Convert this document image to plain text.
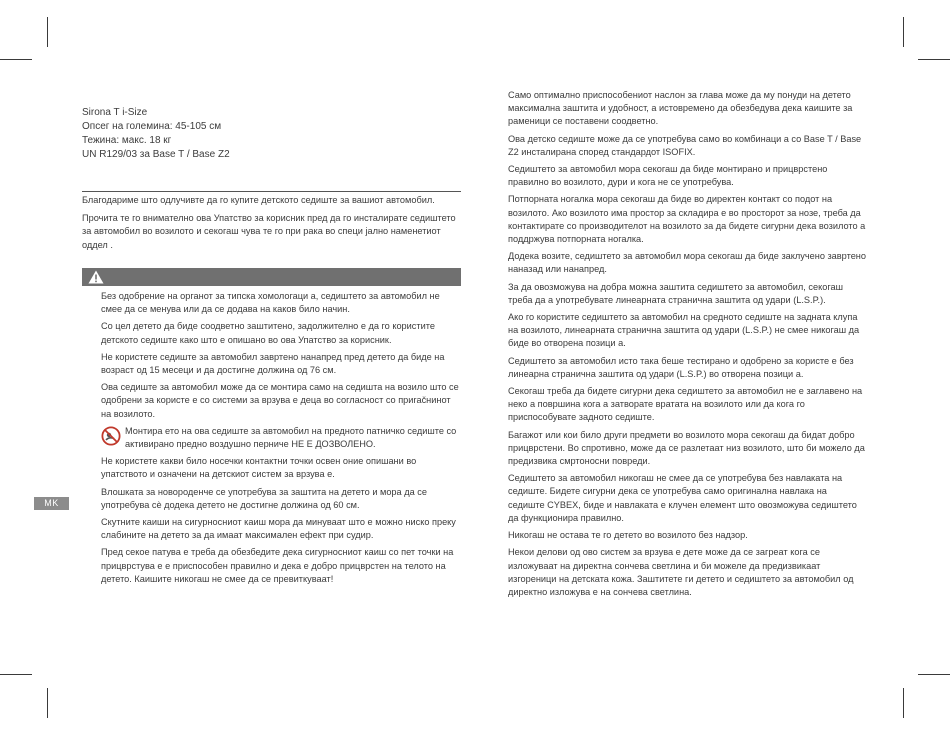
Sirona T i-Size
Опсег на големина: 45-105 см
Тежина: макс. 18 кг
UN R129/03 за Base T / Base Z2

Благодариме што одлучивте да го купите детското седиште за вашиот автомобил.

Прочита те го внимателно ова Упатство за корисник пред да го инсталирате седиштето за автомобил во возилото и секогаш чува те го при рака во специ јално наменетиот оддел .

Без одобрение на органот за типска хомологаци а, седиштето за автомобил не смее да се менува или да се додава на каков било начин.

Со цел детето да биде соодветно заштитено, задолжително е да го користите детското седиште како што е опишано во ова Упатство за корисник.

Не користете седиште за автомобил завртено нанапред пред детето да биде на возраст од 15 месеци и да достигне должина од 76 см.

Ова седиште за автомобил може да се монтира само на седишта на возило што се одобрени за користе е со системи за врзува е деца во согласност со приračнинот на возилото.

Монтира ето на ова седиште за автомобил на предното патничко седиште со активирано предно воздушно перниче НЕ Е ДОЗВОЛЕНО.

Не користете какви било носечки контактни точки освен оние опишани во упатството и означени на детскиот систем за врзува е.

Влошката за новороденче се употребува за заштита на детето и мора да се употребува сè додека детето не достигне должина од 60 см.

Скутните каиши на сигурносниот каиш мора да минуваат што е можно ниско преку слабините на детето за да имаат максимален ефект при судир.

Пред секое патува е треба да обезбедите дека сигурносниот каиш со пет точки на прицврстува е е приспособен правилно и дека е добро прицврстен на телото на детето. Каишите никогаш не смее да се превиткуваат!

MK

Само оптимално приспособениот наслон за глава може да му понуди на детето максимална заштита и удобност, а истовремено да обезбедува дека каишите за раменици се поставени соодветно.

Ова детско седиште може да се употребува само во комбинаци а со Base T / Base Z2 инсталирана според стандардот ISOFIX.

Седиштето за автомобил мора секогаш да биде монтирано и прицврстено правилно во возилото, дури и кога не се употребува.

Потпорната ногалка мора секогаш да биде во директен контакт со подот на возилото. Ако возилото има простор за складира е во просторот за нозе, треба да контактирате со производителот на возилото за да бидете сигурни дека возилото а поддржува потпорната ногалка.

Додека возите, седиштето за автомобил мора секогаш да биде заклучено завртено наназад или нанапред.

За да овозможува на добра можна заштита седиштето за автомобил, секогаш треба да а употребувате линеарната странична заштита од удари (L.S.P.).

Ако го користите седиштето за автомобил на средното седиште на задната клупа на возилото, линеарната странична заштита од удари (L.S.P.) не смее никогаш да биде во отворена позици а.

Седиштето за автомобил исто така беше тестирано и одобрено за користе е без линеарна странична заштита од удари (L.S.P.) во отворена позици а.

Секогаш треба да бидете сигурни дека седиштето за автомобил не е заглавено на нeко а површина кога а затворате вратата на возилото или да кога го приспособувате задното седиште.

Багажот или кои било други предмети во возилото мора секогаш да бидат добро прицврстени. Во спротивно, може да се разлетаат низ возилото, што би можело да предизвика смртоносни повреди.

Седиштето за автомобил никогаш не смее да се употребува без навлаката на седиште. Бидете сигурни дека се употребува само оригинална навлака на седиште CYBEX, биде и навлаката е клучен елемент што овозможува седиштето да функционира правилно.

Никогаш не оставa те го детето во возилото без надзор.

Некои делови од ово систем за врзува е дете може да се загреат кога се изложуваат на директна сончева светлина и би можеле да предизвикаат изгореници на детската кожа. Заштитете ги детето и седиштето за автомобил од директно изложува е на сончева светлина.
